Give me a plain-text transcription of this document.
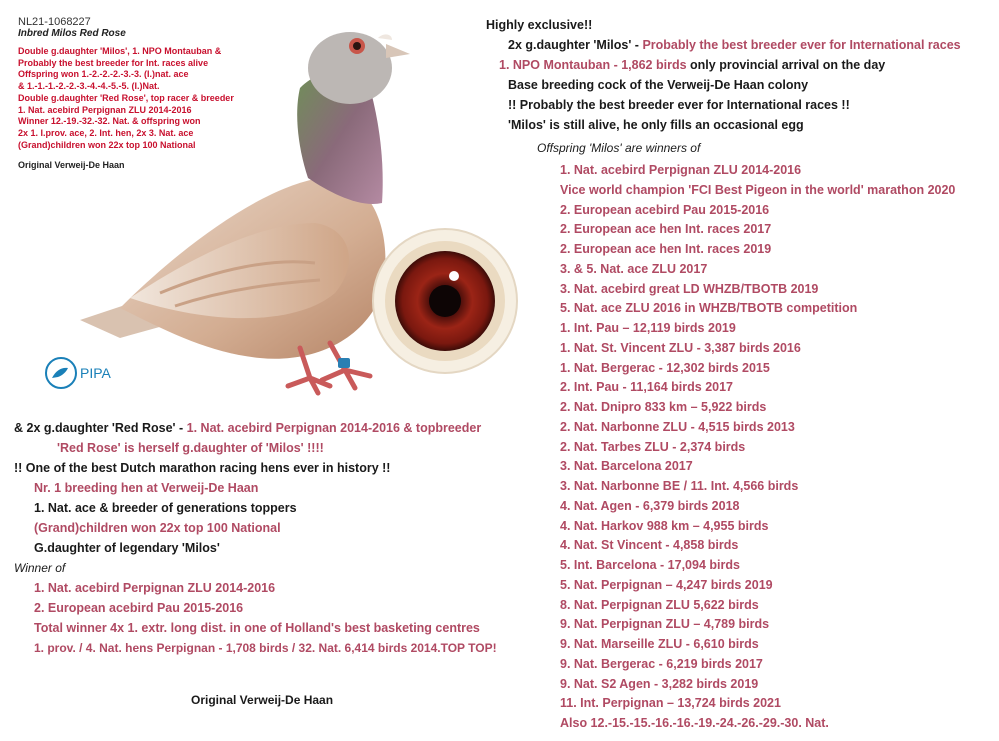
NL21-1068227
Inbred Milos Red Rose
Double g.daughter 'Milos', 1. NPO Montauban &
Probably the best breeder for Int. races alive
Offspring won 1.-2.-2.-2.-3.-3. (I.)nat. ace
& 1.-1.-1.-2.-2.-3.-4.-4.-5.-5. (I.)Nat.
Double g.daughter 'Red Rose', top racer & breeder
1. Nat. acebird Perpignan ZLU 2014-2016
Winner 12.-19.-32.-32. Nat. & offspring won
2x 1. I.prov. ace, 2. Int. hen, 2x 3. Nat. ace
(Grand)children won 22x top 100 National
Original Verweij-De Haan
PIPA
Highly exclusive!!
2x g.daughter 'Milos' - Probably the best breeder ever for International races
1. NPO Montauban - 1,862 birds only provincial arrival on the day
Base breeding cock of the Verweij-De Haan colony
!! Probably the best breeder ever for International races !!
'Milos' is still alive, he only fills an occasional egg
Offspring 'Milos' are winners of
1. Nat. acebird Perpignan ZLU 2014-2016
Vice world champion 'FCI Best Pigeon in the world' marathon 2020
2. European acebird Pau 2015-2016
2. European ace hen Int. races 2017
2. European ace hen Int. races 2019
3. & 5. Nat. ace ZLU 2017
3. Nat. acebird great LD WHZB/TBOTB 2019
5. Nat. ace ZLU 2016 in WHZB/TBOTB competition
1. Int. Pau – 12,119 birds 2019
1. Nat. St. Vincent ZLU - 3,387 birds 2016
1. Nat. Bergerac - 12,302 birds 2015
2. Int. Pau - 11,164 birds 2017
2. Nat. Dnipro 833 km – 5,922 birds
2. Nat. Narbonne ZLU - 4,515 birds 2013
2. Nat. Tarbes ZLU - 2,374 birds
3. Nat. Barcelona 2017
3. Nat. Narbonne BE / 11. Int. 4,566 birds
4. Nat. Agen - 6,379 birds 2018
4. Nat. Harkov 988 km – 4,955 birds
4. Nat. St Vincent - 4,858 birds
5. Int. Barcelona - 17,094 birds
5. Nat. Perpignan – 4,247 birds 2019
8. Nat. Perpignan ZLU 5,622 birds
9. Nat. Perpignan ZLU – 4,789 birds
9. Nat. Marseille ZLU - 6,610 birds
9. Nat. Bergerac - 6,219 birds 2017
9. Nat. S2 Agen - 3,282 birds 2019
11. Int. Perpignan – 13,724 birds 2021
Also 12.-15.-15.-16.-16.-19.-24.-26.-29.-30. Nat.
& 2x g.daughter 'Red Rose' - 1. Nat. acebird Perpignan 2014-2016 & topbreeder
'Red Rose' is herself g.daughter of 'Milos' !!!!
!! One of the best Dutch marathon racing hens ever in history !!
Nr. 1 breeding hen at Verweij-De Haan
1. Nat. ace & breeder of generations toppers
(Grand)children won 22x top 100 National
G.daughter of legendary 'Milos'
Winner of
1. Nat. acebird Perpignan ZLU 2014-2016
2. European acebird Pau 2015-2016
Total winner 4x 1. extr. long dist. in one of Holland's best basketing centres
1. prov. / 4. Nat. hens Perpignan - 1,708 birds / 32. Nat. 6,414 birds 2014.TOP TOP!
Original Verweij-De Haan
